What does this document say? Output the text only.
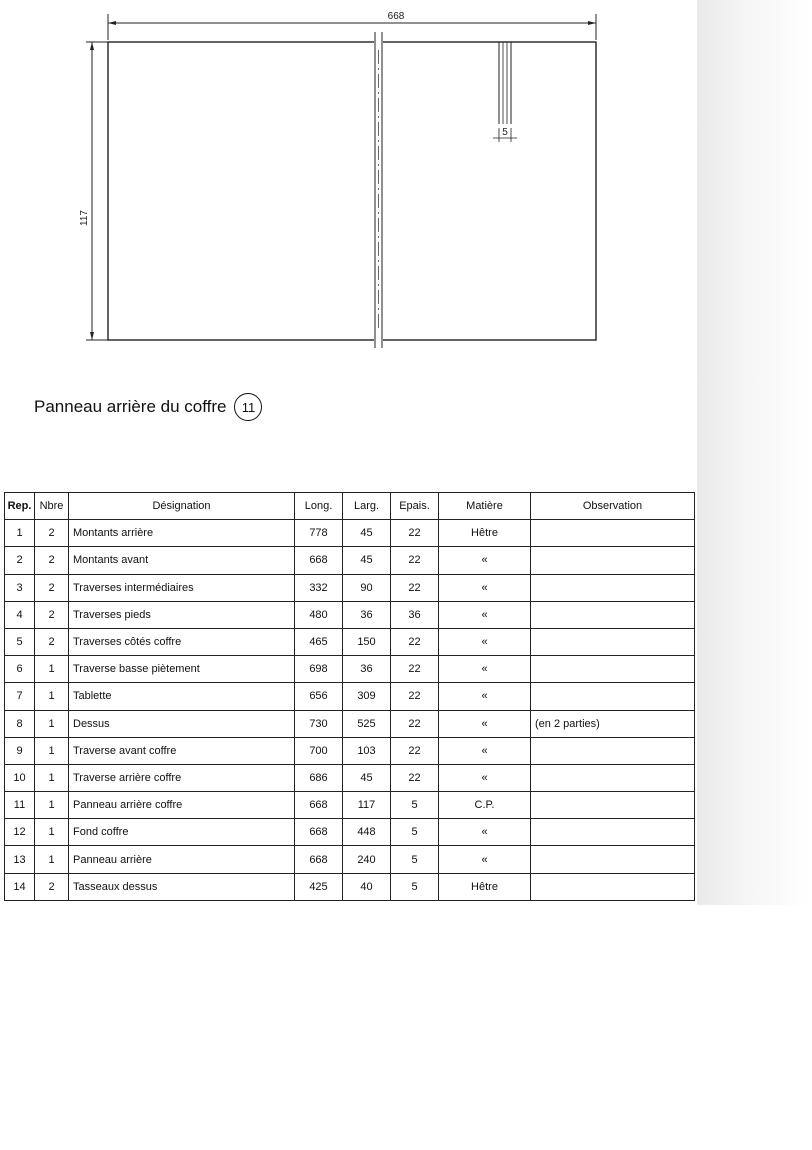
668
117
5
Panneau arrière du coffre	11
Rep.	Nbre	Désignation	Long.	Larg.	Epais.	Matière	Observation
1	2	Montants arrière	778	45	22	Hêtre	
2	2	Montants avant	668	45	22	«	
3	2	Traverses intermédiaires	332	90	22	«	
4	2	Traverses pieds	480	36	36	«	
5	2	Traverses côtés coffre	465	150	22	«	
6	1	Traverse basse piètement	698	36	22	«	
7	1	Tablette	656	309	22	«	
8	1	Dessus	730	525	22	«	(en 2 parties)
9	1	Traverse avant coffre	700	103	22	«	
10	1	Traverse arrière coffre	686	45	22	«	
11	1	Panneau arrière coffre	668	117	5	C.P.	
12	1	Fond coffre	668	448	5	«	
13	1	Panneau arrière	668	240	5	«	
14	2	Tasseaux dessus	425	40	5	Hêtre	
